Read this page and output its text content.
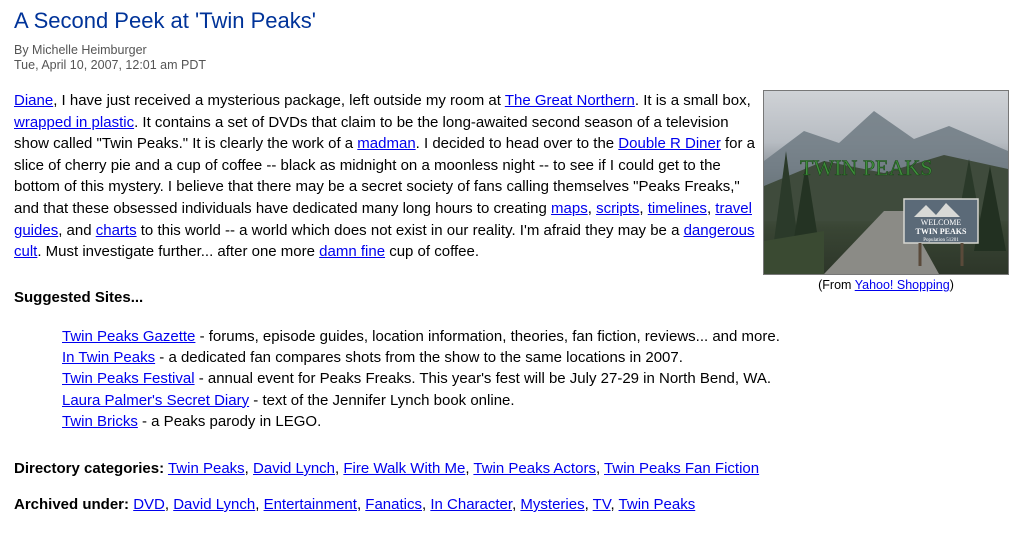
A Second Peek at 'Twin Peaks'
By Michelle Heimburger
Tue, April 10, 2007, 12:01 am PDT
Diane, I have just received a mysterious package, left outside my room at The Great Northern. It is a small box, wrapped in plastic. It contains a set of DVDs that claim to be the long-awaited second season of a television show called "Twin Peaks." It is clearly the work of a madman. I decided to head over to the Double R Diner for a slice of cherry pie and a cup of coffee -- black as midnight on a moonless night -- to see if I could get to the bottom of this mystery. I believe that there may be a secret society of fans calling themselves "Peaks Freaks," and that these obsessed individuals have dedicated many long hours to creating maps, scripts, timelines, travel guides, and charts to this world -- a world which does not exist in our reality. I'm afraid they may be a dangerous cult. Must investigate further... after one more damn fine cup of coffee.
TWIN PEAKS
WELCOME
TWIN PEAKS
Population 51201
(From Yahoo! Shopping)
Suggested Sites...
Twin Peaks Gazette - forums, episode guides, location information, theories, fan fiction, reviews... and more.
In Twin Peaks - a dedicated fan compares shots from the show to the same locations in 2007.
Twin Peaks Festival - annual event for Peaks Freaks. This year's fest will be July 27-29 in North Bend, WA.
Laura Palmer's Secret Diary - text of the Jennifer Lynch book online.
Twin Bricks - a Peaks parody in LEGO.
Directory categories: Twin Peaks, David Lynch, Fire Walk With Me, Twin Peaks Actors, Twin Peaks Fan Fiction
Archived under: DVD, David Lynch, Entertainment, Fanatics, In Character, Mysteries, TV, Twin Peaks
